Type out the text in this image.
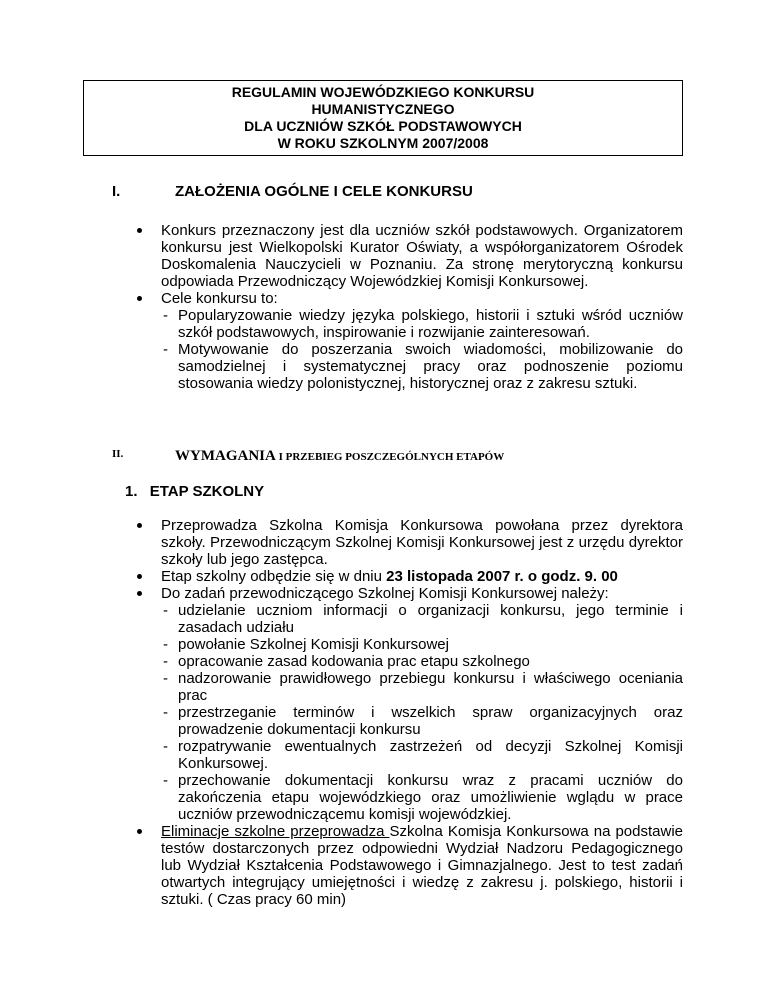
REGULAMIN WOJEWÓDZKIEGO KONKURSU
HUMANISTYCZNEGO
DLA UCZNIÓW SZKÓŁ PODSTAWOWYCH
W ROKU SZKOLNYM 2007/2008
I.	ZAŁOŻENIA OGÓLNE I CELE KONKURSU
Konkurs przeznaczony jest dla uczniów szkół podstawowych. Organizatorem konkursu jest Wielkopolski Kurator Oświaty, a współorganizatorem Ośrodek Doskomalenia Nauczycieli w Poznaniu. Za stronę merytoryczną konkursu odpowiada Przewodniczący Wojewódzkiej Komisji Konkursowej.
Cele konkursu to:
- Popularyzowanie wiedzy języka polskiego, historii i sztuki wśród uczniów szkół podstawowych, inspirowanie i rozwijanie zainteresowań.
- Motywowanie do poszerzania swoich wiadomości, mobilizowanie do samodzielnej i systematycznej pracy oraz podnoszenie poziomu stosowania wiedzy polonistycznej, historycznej oraz z zakresu sztuki.
II.	WYMAGANIA I PRZEBIEG POSZCZEGÓLNYCH ETAPÓW
1. ETAP SZKOLNY
Przeprowadza Szkolna Komisja Konkursowa powołana przez dyrektora szkoły. Przewodniczącym Szkolnej Komisji Konkursowej jest z urzędu dyrektor szkoły lub jego zastępca.
Etap szkolny odbędzie się w dniu 23 listopada 2007 r. o godz. 9. 00
Do zadań przewodniczącego Szkolnej Komisji Konkursowej należy:
- udzielanie uczniom informacji o organizacji konkursu, jego terminie i zasadach udziału
- powołanie Szkolnej Komisji Konkursowej
- opracowanie zasad kodowania prac etapu szkolnego
- nadzorowanie prawidłowego przebiegu konkursu i właściwego oceniania prac
- przestrzeganie terminów i wszelkich spraw organizacyjnych oraz prowadzenie dokumentacji konkursu
- rozpatrywanie ewentualnych zastrzeżeń od decyzji Szkolnej Komisji Konkursowej.
- przechowanie dokumentacji konkursu wraz z pracami uczniów do zakończenia etapu wojewódzkiego oraz umożliwienie wglądu w prace uczniów przewodniczącemu komisji wojewódzkiej.
Eliminacje szkolne przeprowadza Szkolna Komisja Konkursowa na podstawie testów dostarczonych przez odpowiedni Wydział Nadzoru Pedagogicznego lub Wydział Kształcenia Podstawowego i Gimnazjalnego. Jest to test zadań otwartych integrujący umiejętności i wiedzę z zakresu j. polskiego, historii i sztuki. ( Czas pracy 60 min)
